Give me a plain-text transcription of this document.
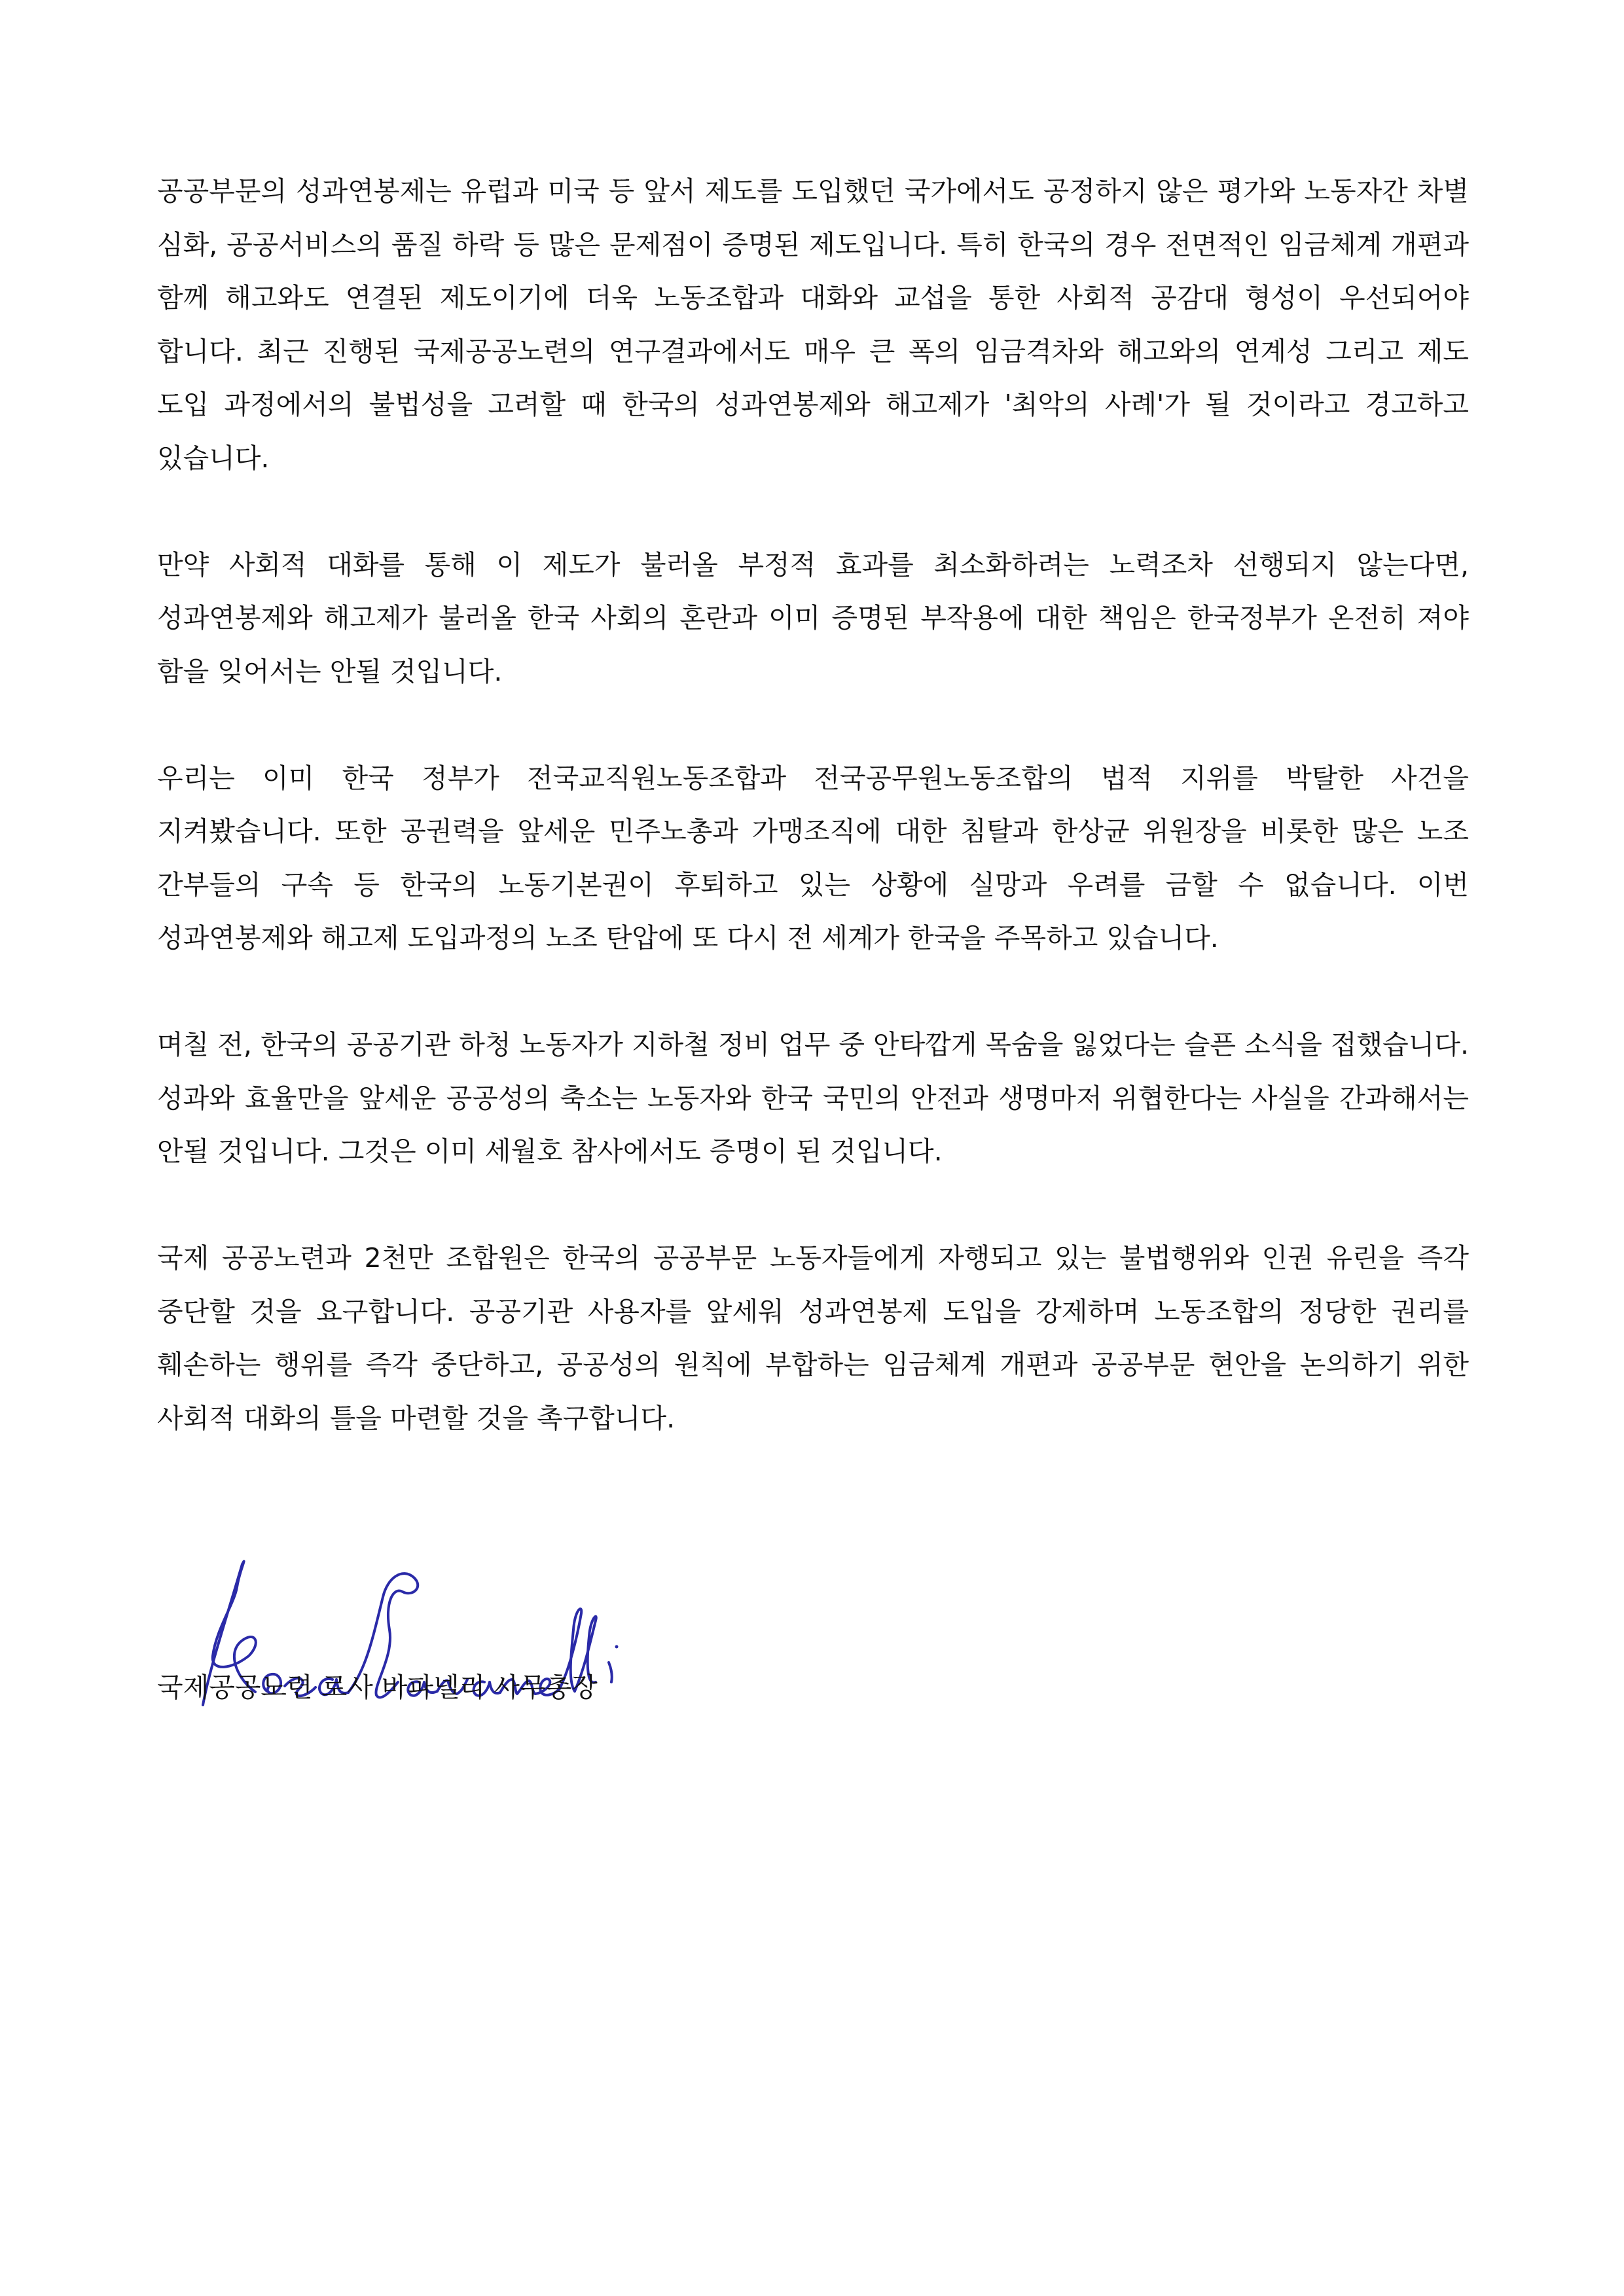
공공부문의 성과연봉제는 유럽과 미국 등 앞서 제도를 도입했던 국가에서도 공정하지 않은 평가와 노동자간 차별 심화, 공공서비스의 품질 하락 등 많은 문제점이 증명된 제도입니다. 특히 한국의 경우 전면적인 임금체계 개편과 함께 해고와도 연결된 제도이기에 더욱 노동조합과 대화와 교섭을 통한 사회적 공감대 형성이 우선되어야 합니다. 최근 진행된 국제공공노련의 연구결과에서도 매우 큰 폭의 임금격차와 해고와의 연계성 그리고 제도 도입 과정에서의 불법성을 고려할 때 한국의 성과연봉제와 해고제가 '최악의 사례'가 될 것이라고 경고하고 있습니다.

만약 사회적 대화를 통해 이 제도가 불러올 부정적 효과를 최소화하려는 노력조차 선행되지 않는다면, 성과연봉제와 해고제가 불러올 한국 사회의 혼란과 이미 증명된 부작용에 대한 책임은 한국정부가 온전히 져야 함을 잊어서는 안될 것입니다.

우리는 이미 한국 정부가 전국교직원노동조합과 전국공무원노동조합의 법적 지위를 박탈한 사건을 지켜봤습니다. 또한 공권력을 앞세운 민주노총과 가맹조직에 대한 침탈과 한상균 위원장을 비롯한 많은 노조 간부들의 구속 등 한국의 노동기본권이 후퇴하고 있는 상황에 실망과 우려를 금할 수 없습니다. 이번 성과연봉제와 해고제 도입과정의 노조 탄압에 또 다시 전 세계가 한국을 주목하고 있습니다.

며칠 전, 한국의 공공기관 하청 노동자가 지하철 정비 업무 중 안타깝게 목숨을 잃었다는 슬픈 소식을 접했습니다. 성과와 효율만을 앞세운 공공성의 축소는 노동자와 한국 국민의 안전과 생명마저 위협한다는 사실을 간과해서는 안될 것입니다. 그것은 이미 세월호 참사에서도 증명이 된 것입니다.

국제 공공노련과 2천만 조합원은 한국의 공공부문 노동자들에게 자행되고 있는 불법행위와 인권 유린을 즉각 중단할 것을 요구합니다. 공공기관 사용자를 앞세워 성과연봉제 도입을 강제하며 노동조합의 정당한 권리를 훼손하는 행위를 즉각 중단하고, 공공성의 원칙에 부합하는 임금체계 개편과 공공부문 현안을 논의하기 위한 사회적 대화의 틀을 마련할 것을 촉구합니다.

국제공공노련 로사 바파넬리 사무총장
